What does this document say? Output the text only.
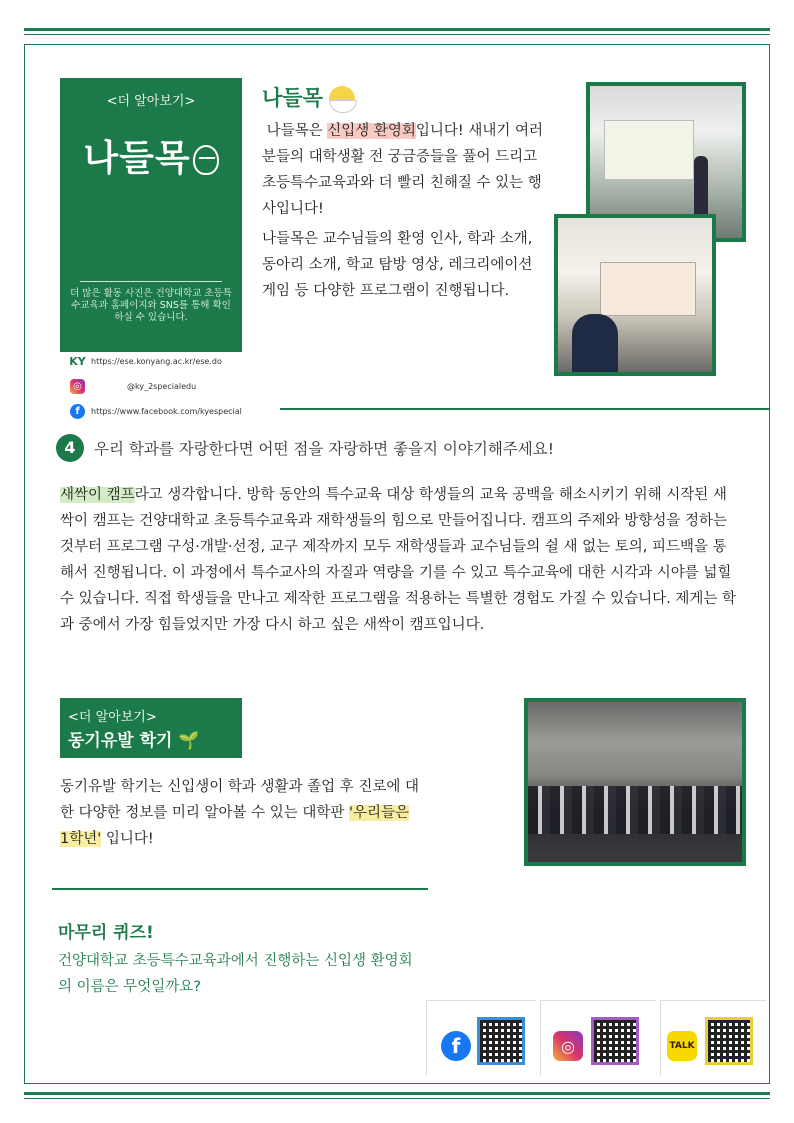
<더 알아보기>
나들목
더 많은 활동 사진은 건양대학교 초등특수교육과 홈페이지와 SNS를 통해 확인하실 수 있습니다.
KY https://ese.konyang.ac.kr/ese.do
◎	@ky_2specialedu
f	https://www.facebook.com/kyespecial
나들목
나들목은 신입생 환영회입니다! 새내기 여러분들의 대학생활 전 궁금증들을 풀어 드리고 초등특수교육과와 더 빨리 친해질 수 있는 행사입니다!
나들목은 교수님들의 환영 인사, 학과 소개, 동아리 소개, 학교 탐방 영상, 레크리에이션 게임 등 다양한 프로그램이 진행됩니다.
4	우리 학과를 자랑한다면 어떤 점을 자랑하면 좋을지 이야기해주세요!
새싹이 캠프라고 생각합니다. 방학 동안의 특수교육 대상 학생들의 교육 공백을 해소시키기 위해 시작된 새싹이 캠프는 건양대학교 초등특수교육과 재학생들의 힘으로 만들어집니다. 캠프의 주제와 방향성을 정하는 것부터 프로그램 구성·개발·선정, 교구 제작까지 모두 재학생들과 교수님들의 쉴 새 없는 토의, 피드백을 통해서 진행됩니다. 이 과정에서 특수교사의 자질과 역량을 기를 수 있고 특수교육에 대한 시각과 시야를 넓힐 수 있습니다. 직접 학생들을 만나고 제작한 프로그램을 적용하는 특별한 경험도 가질 수 있습니다. 제게는 학과 중에서 가장 힘들었지만 가장 다시 하고 싶은 새싹이 캠프입니다.
<더 알아보기>
동기유발 학기 🌱
동기유발 학기는 신입생이 학과 생활과 졸업 후 진로에 대한 다양한 정보를 미리 알아볼 수 있는 대학판 '우리들은 1학년' 입니다!
마무리 퀴즈!
건양대학교 초등특수교육과에서 진행하는 신입생 환영회의 이름은 무엇일까요?
f	◎	TALK
